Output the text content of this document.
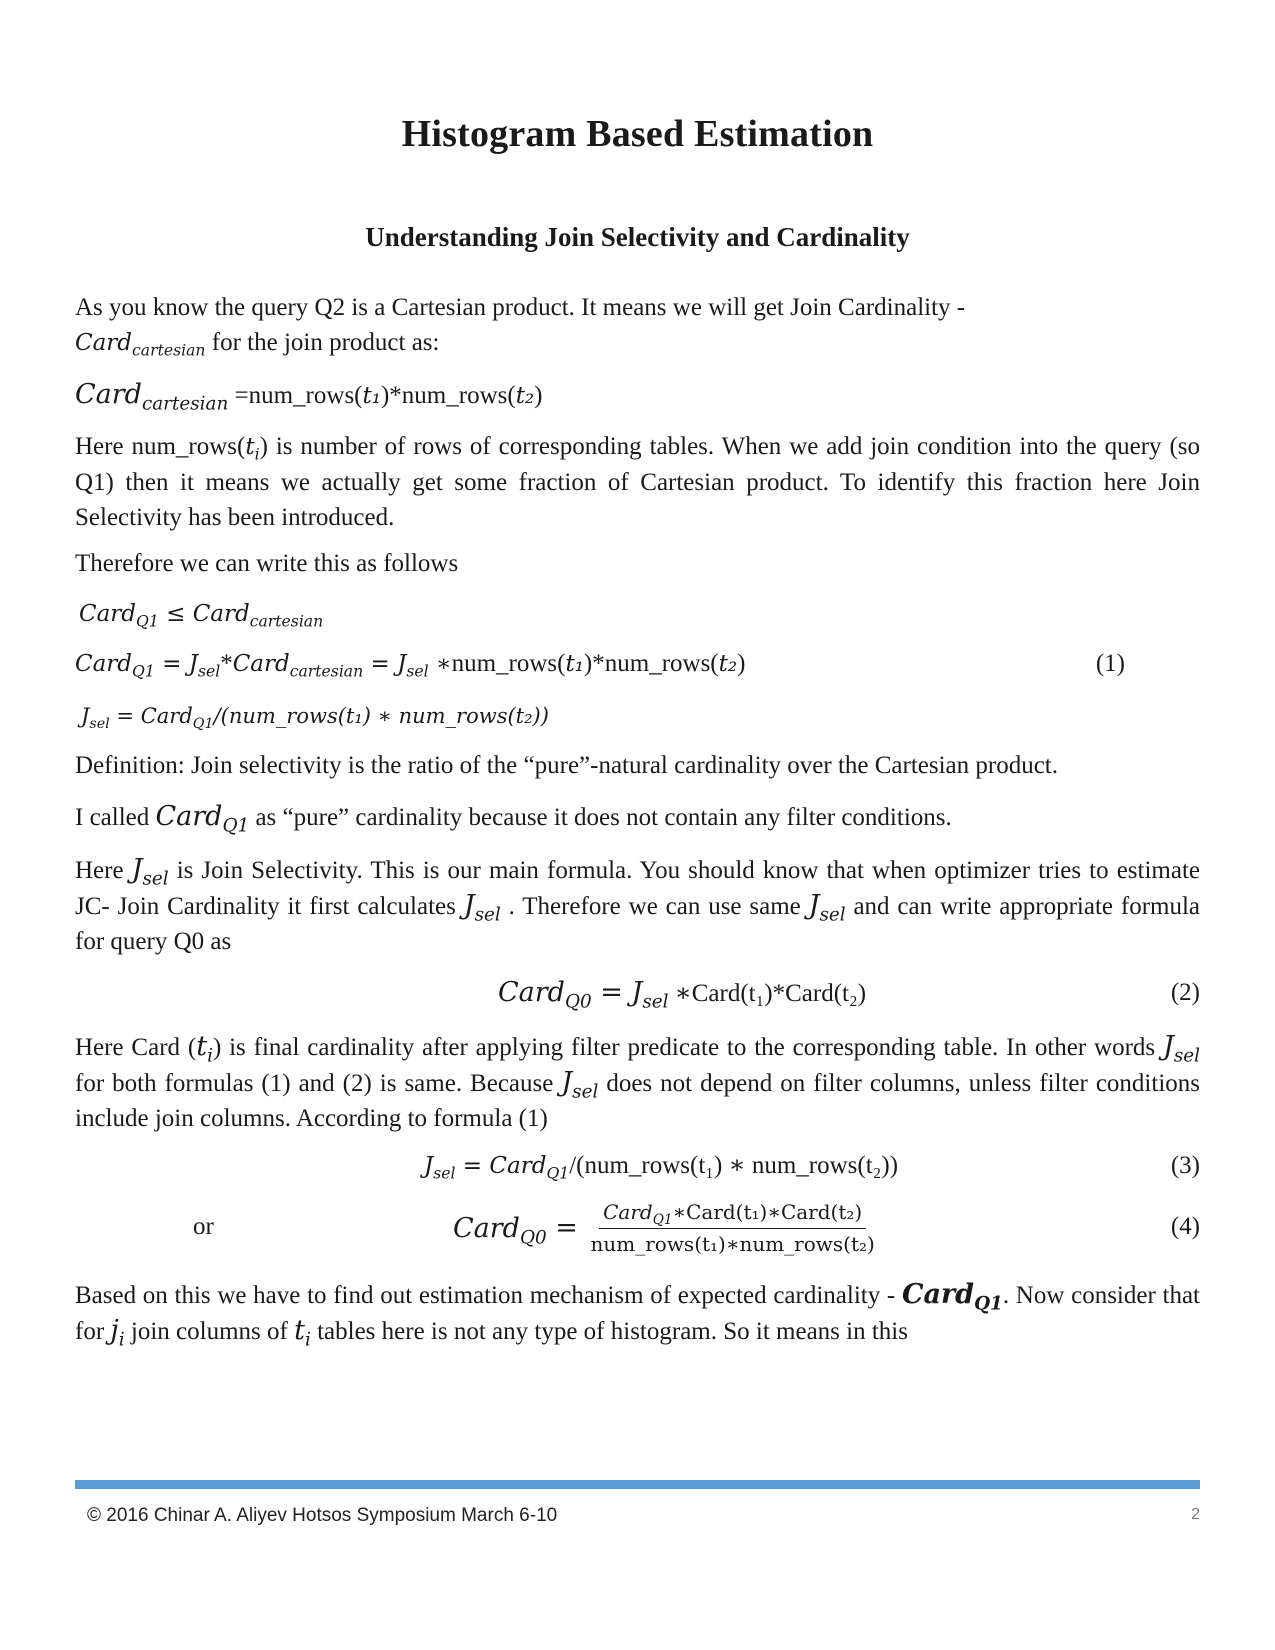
Histogram Based Estimation
Understanding Join Selectivity and Cardinality
As you know the query Q2 is a Cartesian product. It means we will get Join Cardinality -
Card$_{cartesian}$ for the join product as:
Card$_{cartesian}$ =num_rows(t₁)*num_rows(t₂)
Here $num\_rows(t_i)$ is number of rows of corresponding tables. When we add join condition into the query (so Q1) then it means we actually get some fraction of Cartesian product. To identify this fraction here Join Selectivity has been introduced.
Therefore we can write this as follows
Card$_{Q1}$ ≤ Card$_{cartesian}$
Card$_{Q1}$ = $J_{sel}*Card_{cartesian} = J_{sel}$ ∗num_rows(t₁)*num_rows(t₂)	(1)
$J_{sel}$ = Card$_{Q1}$/(num_rows(t₁) ∗ num_rows(t₂))
Definition: Join selectivity is the ratio of the “pure”-natural cardinality over the Cartesian product.
I called Card$_{Q1}$ as “pure” cardinality because it does not contain any filter conditions.
Here $J_{sel}$ is Join Selectivity. This is our main formula. You should know that when optimizer tries to estimate JC- Join Cardinality it first calculates $J_{sel}$ . Therefore we can use same $J_{sel}$ and can write appropriate formula for query Q0 as
Card$_{Q0}$ = $J_{sel}$ ∗Card(t₁)*Card(t₂)	(2)
Here Card $(t_i)$ is final cardinality after applying filter predicate to the corresponding table. In other words $J_{sel}$ for both formulas (1) and (2) is same. Because $J_{sel}$ does not depend on filter columns, unless filter conditions include join columns. According to formula (1)
$J_{sel}$ = Card$_{Q1}$/(num_rows(t₁) ∗ num_rows(t₂))	(3)
or	Card$_{Q0}$ = $\frac{Card_{Q1}∗Card(t_1)∗Card(t_2)}{\text{num\_rows(t₁)∗num\_rows(t₂)}}$	(4)
Based on this we have to find out estimation mechanism of expected cardinality - Card$_{Q1}$. Now consider that for $j_i$ join columns of $t_i$ tables here is not any type of histogram. So it means in this
© 2016 Chinar A. Aliyev Hotsos Symposium March 6-10	2
